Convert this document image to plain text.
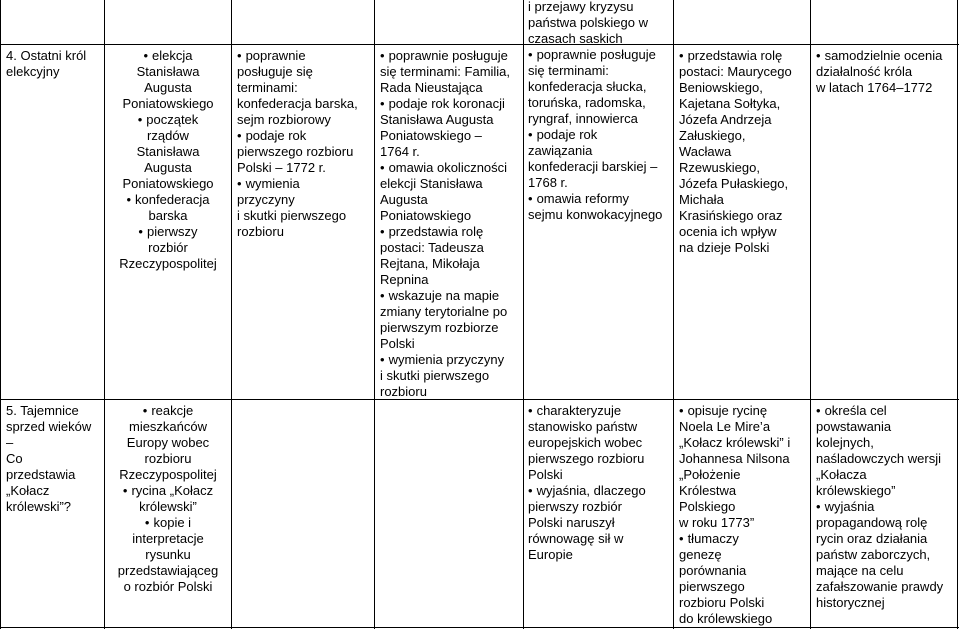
4. Ostatni król
elekcyjny
• elekcja
Stanisława
Augusta
Poniatowskiego
• początek
rządów
Stanisława
Augusta
Poniatowskiego
• konfederacja
barska
• pierwszy
rozbiór
Rzeczypospolitej
• poprawnie
posługuje się
terminami:
konfederacja barska,
sejm rozbiorowy
• podaje rok
pierwszego rozbioru
Polski – 1772 r.
• wymienia
przyczyny
i skutki pierwszego
rozbioru
• poprawnie posługuje
się terminami: Familia,
Rada Nieustająca
• podaje rok koronacji
Stanisława Augusta
Poniatowskiego –
1764 r.
• omawia okoliczności
elekcji Stanisława
Augusta
Poniatowskiego
• przedstawia rolę
postaci: Tadeusza
Rejtana, Mikołaja
Repnina
• wskazuje na mapie
zmiany terytorialne po
pierwszym rozbiorze
Polski
• wymienia przyczyny
i skutki pierwszego
rozbioru
i przejawy kryzysu
państwa polskiego w
czasach saskich
• poprawnie posługuje
się terminami:
konfederacja słucka,
toruńska, radomska,
ryngraf, innowierca
• podaje rok
zawiązania
konfederacji barskiej –
1768 r.
• omawia reformy
sejmu konwokacyjnego
• przedstawia rolę
postaci: Maurycego
Beniowskiego,
Kajetana Sołtyka,
Józefa Andrzeja
Załuskiego,
Wacława
Rzewuskiego,
Józefa Pułaskiego,
Michała
Krasińskiego oraz
ocenia ich wpływ
na dzieje Polski
• samodzielnie ocenia
działalność króla
w latach 1764–1772
5. Tajemnice
sprzed wieków
–
Co
przedstawia
„Kołacz
królewski”?
• reakcje
mieszkańców
Europy wobec
rozbioru
Rzeczypospolitej
• rycina „Kołacz
królewski”
• kopie i
interpretacje
rysunku
przedstawiająceg
o rozbiór Polski
• charakteryzuje
stanowisko państw
europejskich wobec
pierwszego rozbioru
Polski
• wyjaśnia, dlaczego
pierwszy rozbiór
Polski naruszył
równowagę sił w
Europie
• opisuje rycinę
Noela Le Mire’a
„Kołacz królewski” i
Johannesa Nilsona
„Położenie
Królestwa
Polskiego
w roku 1773”
• tłumaczy
genezę
porównania
pierwszego
rozbioru Polski
do królewskiego
• określa cel
powstawania
kolejnych,
naśladowczych wersji
„Kołacza
królewskiego”
• wyjaśnia
propagandową rolę
rycin oraz działania
państw zaborczych,
mające na celu
zafałszowanie prawdy
historycznej
